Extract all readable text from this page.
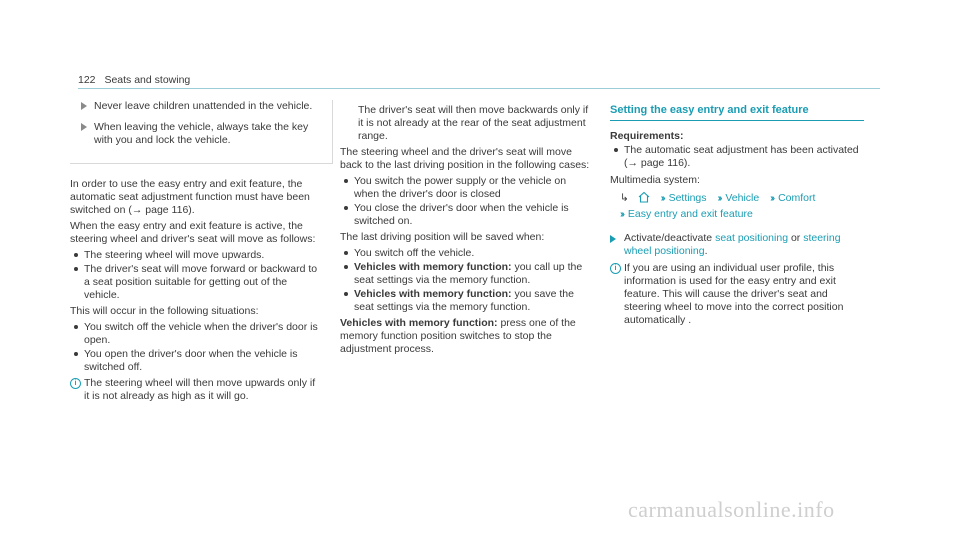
122 Seats and stowing
Never leave children unattended in the vehicle.
When leaving the vehicle, always take the key with you and lock the vehicle.

In order to use the easy entry and exit feature, the automatic seat adjustment function must have been switched on (→ page 116).

When the easy entry and exit feature is active, the steering wheel and driver's seat will move as follows:

The steering wheel will move upwards.
The driver's seat will move forward or backward to a seat position suitable for getting out of the vehicle.

This will occur in the following situations:

You switch off the vehicle when the driver's door is open.
You open the driver's door when the vehicle is switched off.
i The steering wheel will then move upwards only if it is not already as high as it will go.

The driver's seat will then move backwards only if it is not already at the rear of the seat adjustment range.

The steering wheel and the driver's seat will move back to the last driving position in the following cases:

You switch the power supply or the vehicle on when the driver's door is closed
You close the driver's door when the vehicle is switched on.

The last driving position will be saved when:

You switch off the vehicle.
Vehicles with memory function: you call up the seat settings via the memory function.
Vehicles with memory function: you save the seat settings via the memory function.

Vehicles with memory function: press one of the memory function position switches to stop the adjustment process.

Setting the easy entry and exit feature
Requirements:
The automatic seat adjustment has been activated (→ page 116).

Multimedia system:

↳	›› Settings ›› Vehicle ›› Comfort
›› Easy entry and exit feature
Activate/deactivate seat positioning or steering wheel positioning.
i If you are using an individual user profile, this information is used for the easy entry and exit feature. This will cause the driver's seat and steering wheel to move into the correct position automatically .
carmanualsonline.info
